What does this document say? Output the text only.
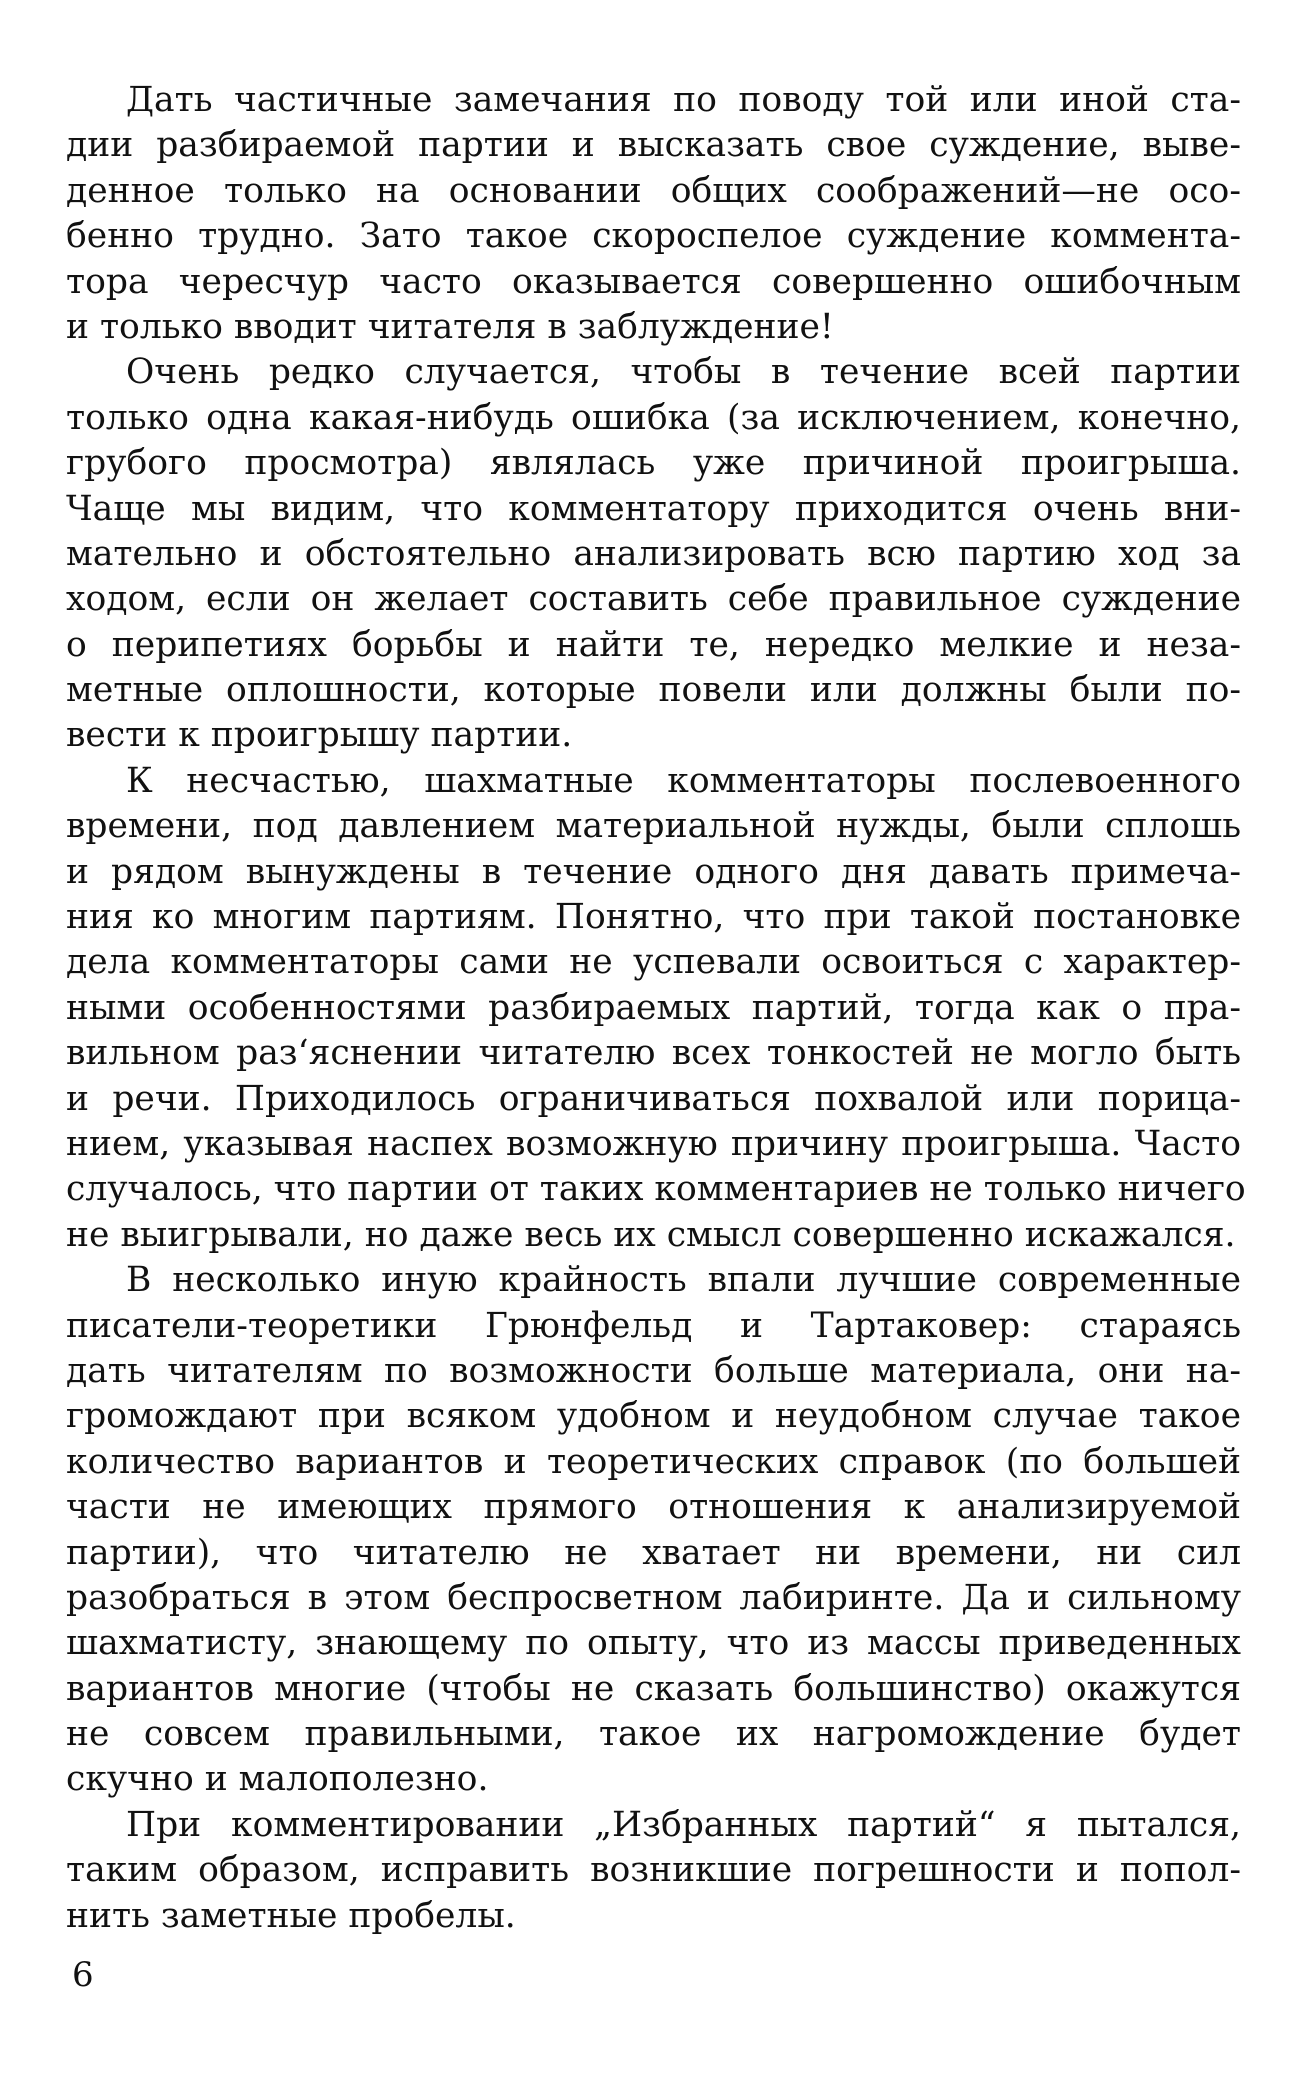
Дать частичные замечания по поводу той или иной ста-
дии разбираемой партии и высказать свое суждение, выве-
денное только на основании общих соображений—не осо-
бенно трудно. Зато такое скороспелое суждение коммента-
тора чересчур часто оказывается совершенно ошибочным
и только вводит читателя в заблуждение!
Очень редко случается, чтобы в течение всей партии
только одна какая-нибудь ошибка (за исключением, конечно,
грубого просмотра) являлась уже причиной проигрыша.
Чаще мы видим, что комментатору приходится очень вни-
мательно и обстоятельно анализировать всю партию ход за
ходом, если он желает составить себе правильное суждение
о перипетиях борьбы и найти те, нередко мелкие и неза-
метные оплошности, которые повели или должны были по-
вести к проигрышу партии.
К несчастью, шахматные комментаторы послевоенного
времени, под давлением материальной нужды, были сплошь
и рядом вынуждены в течение одного дня давать примеча-
ния ко многим партиям. Понятно, что при такой постановке
дела комментаторы сами не успевали освоиться с характер-
ными особенностями разбираемых партий, тогда как о пра-
вильном раз‘яснении читателю всех тонкостей не могло быть
и речи. Приходилось ограничиваться похвалой или порица-
нием, указывая наспех возможную причину проигрыша. Часто
случалось, что партии от таких комментариев не только ничего
не выигрывали, но даже весь их смысл совершенно искажался.
В несколько иную крайность впали лучшие современные
писатели-теоретики Грюнфельд и Тартаковер: стараясь
дать читателям по возможности больше материала, они на-
громождают при всяком удобном и неудобном случае такое
количество вариантов и теоретических справок (по большей
части не имеющих прямого отношения к анализируемой
партии), что читателю не хватает ни времени, ни сил
разобраться в этом беспросветном лабиринте. Да и сильному
шахматисту, знающему по опыту, что из массы приведенных
вариантов многие (чтобы не сказать большинство) окажутся
не совсем правильными, такое их нагромождение будет
скучно и малополезно.
При комментировании „Избранных партий“ я пытался,
таким образом, исправить возникшие погрешности и попол-
нить заметные пробелы.
6
